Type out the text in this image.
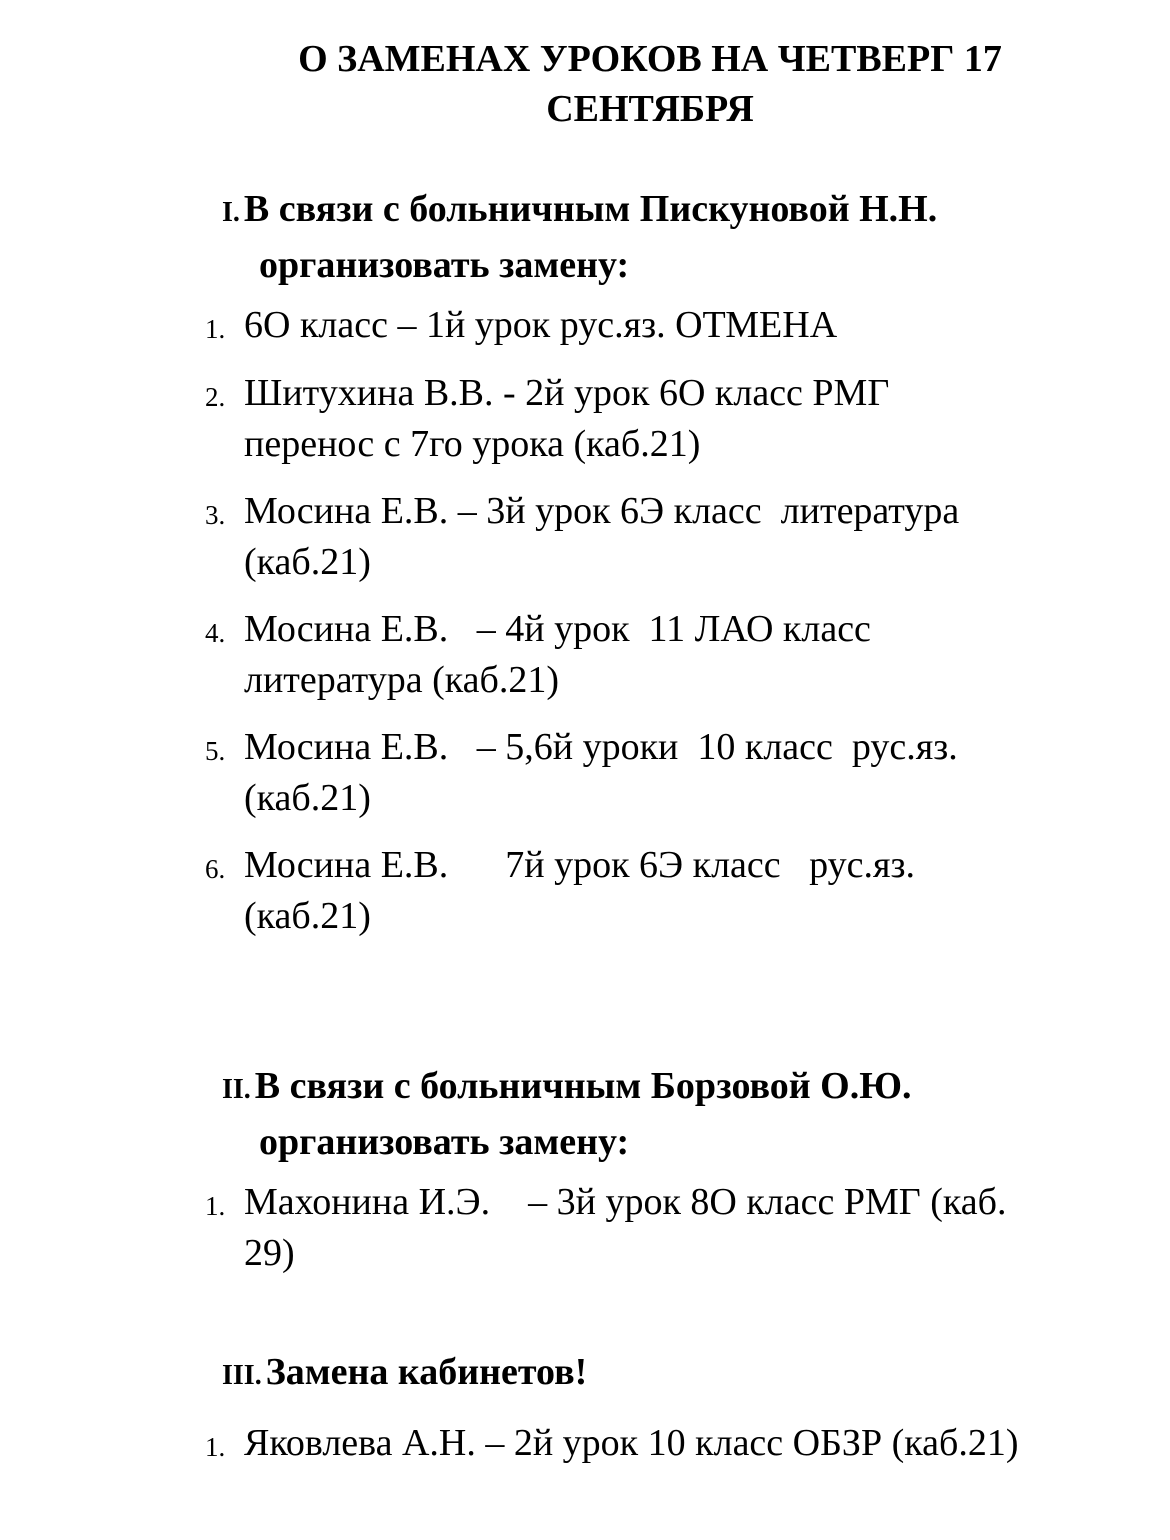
О ЗАМЕНАХ УРОКОВ НА ЧЕТВЕРГ 17
СЕНТЯБРЯ
I. В связи с больничным Пискуновой Н.Н.
организовать замену:
1. 6О класс – 1й урок рус.яз. ОТМЕНА
2. Шитухина В.В. - 2й урок 6О класс РМГ
перенос с 7го урока (каб.21)
3. Мосина Е.В. – 3й урок 6Э класс  литература
(каб.21)
4. Мосина Е.В.   – 4й урок  11 ЛАО класс
литература (каб.21)
5. Мосина Е.В.   – 5,6й уроки  10 класс  рус.яз.
(каб.21)
6. Мосина Е.В.      7й урок 6Э класс   рус.яз.
(каб.21)
II. В связи с больничным Борзовой О.Ю.
организовать замену:
1. Махонина И.Э.    – 3й урок 8О класс РМГ (каб.
29)
III. Замена кабинетов!
1. Яковлева А.Н. – 2й урок 10 класс ОБЗР (каб.21)
